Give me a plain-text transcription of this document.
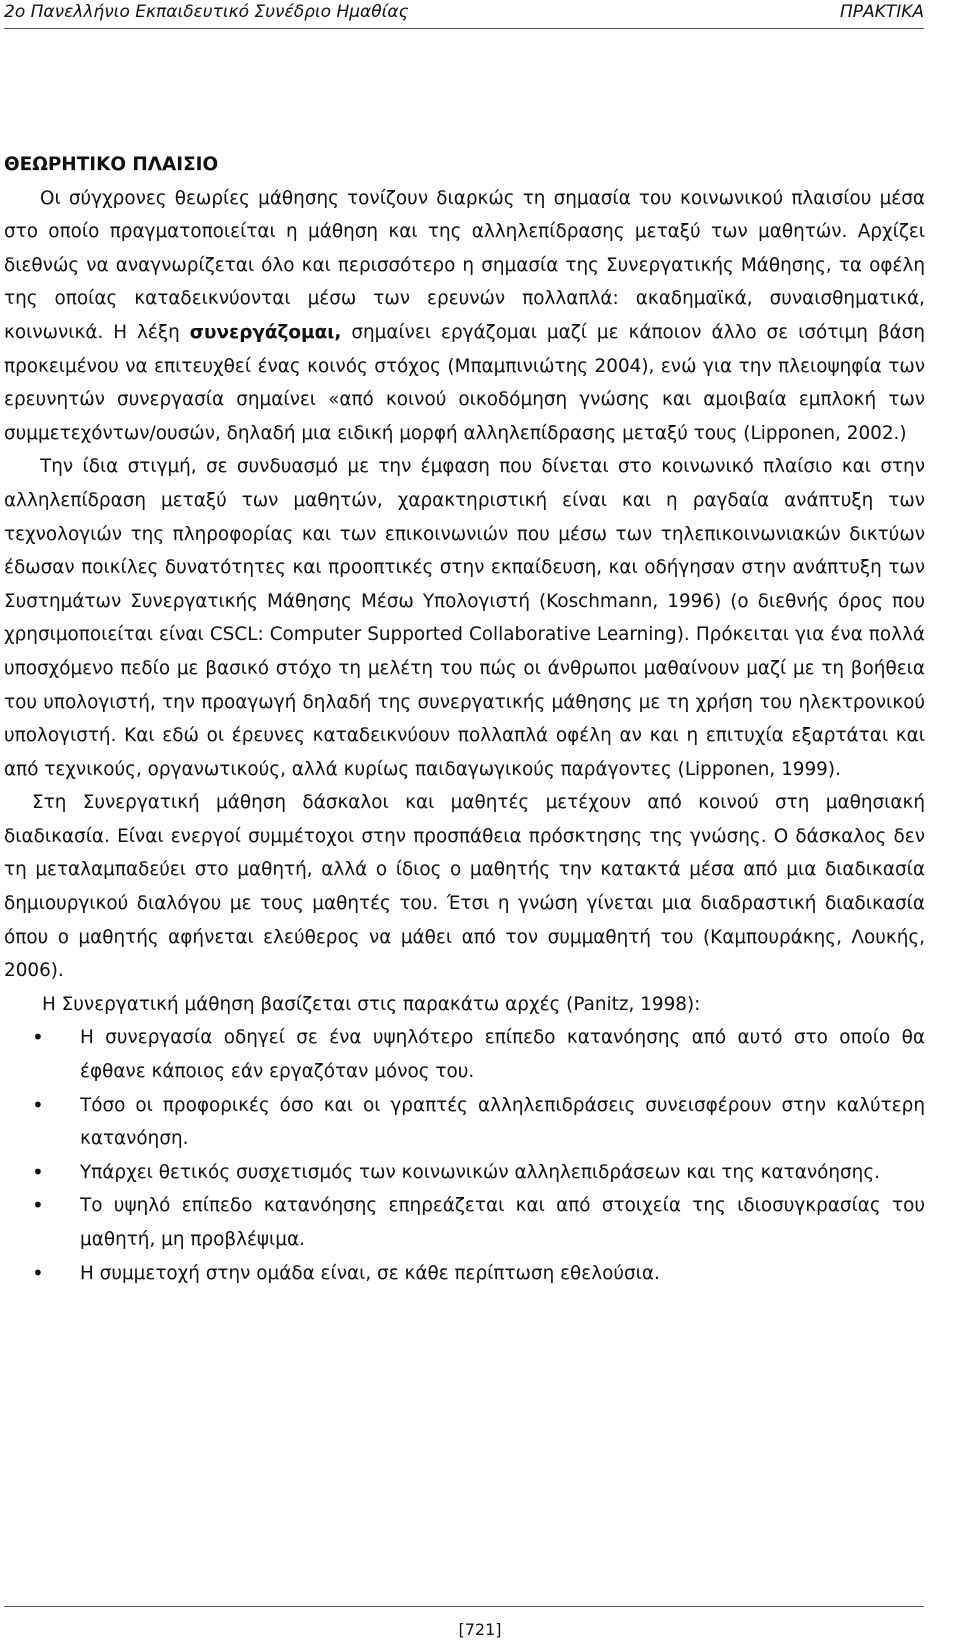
2ο Πανελλήνιο Εκπαιδευτικό Συνέδριο Ημαθίας	ΠΡΑΚΤΙΚΑ
ΘΕΩΡΗΤΙΚΟ ΠΛΑΙΣΙΟ

Οι σύγχρονες θεωρίες μάθησης τονίζουν διαρκώς τη σημασία του κοινωνικού πλαισίου μέσα στο οποίο πραγματοποιείται η μάθηση και της αλληλεπίδρασης μεταξύ των μαθητών. Αρχίζει διεθνώς να αναγνωρίζεται όλο και περισσότερο η σημασία της Συνεργατικής Μάθησης, τα οφέλη της οποίας καταδεικνύονται μέσω των ερευνών πολλαπλά: ακαδημαϊκά, συναισθηματικά, κοινωνικά. Η λέξη συνεργάζομαι, σημαίνει εργάζομαι μαζί με κάποιον άλλο σε ισότιμη βάση προκειμένου να επιτευχθεί ένας κοινός στόχος (Μπαμπινιώτης 2004), ενώ για την πλειοψηφία των ερευνητών συνεργασία σημαίνει «από κοινού οικοδόμηση γνώσης και αμοιβαία εμπλοκή των συμμετεχόντων/ουσών, δηλαδή μια ειδική μορφή αλληλεπίδρασης μεταξύ τους (Lipponen, 2002.)

Την ίδια στιγμή, σε συνδυασμό με την έμφαση που δίνεται στο κοινωνικό πλαίσιο και στην αλληλεπίδραση μεταξύ των μαθητών, χαρακτηριστική είναι και η ραγδαία ανάπτυξη των τεχνολογιών της πληροφορίας και των επικοινωνιών που μέσω των τηλεπικοινωνιακών δικτύων έδωσαν ποικίλες δυνατότητες και προοπτικές στην εκπαίδευση, και οδήγησαν στην ανάπτυξη των Συστημάτων Συνεργατικής Μάθησης Μέσω Υπολογιστή (Koschmann, 1996) (ο διεθνής όρος που χρησιμοποιείται είναι CSCL: Computer Supported Collaborative Learning). Πρόκειται για ένα πολλά υποσχόμενο πεδίο με βασικό στόχο τη μελέτη του πώς οι άνθρωποι μαθαίνουν μαζί με τη βοήθεια του υπολογιστή, την προαγωγή δηλαδή της συνεργατικής μάθησης με τη χρήση του ηλεκτρονικού υπολογιστή. Και εδώ οι έρευνες καταδεικνύουν πολλαπλά οφέλη αν και η επιτυχία εξαρτάται και από τεχνικούς, οργανωτικούς, αλλά κυρίως παιδαγωγικούς παράγοντες (Lipponen, 1999).

Στη Συνεργατική μάθηση δάσκαλοι και μαθητές μετέχουν από κοινού στη μαθησιακή διαδικασία. Είναι ενεργοί συμμέτοχοι στην προσπάθεια πρόσκτησης της γνώσης. Ο δάσκαλος δεν τη μεταλαμπαδεύει στο μαθητή, αλλά ο ίδιος ο μαθητής την κατακτά μέσα από μια διαδικασία δημιουργικού διαλόγου με τους μαθητές του. Έτσι η γνώση γίνεται μια διαδραστική διαδικασία όπου ο μαθητής αφήνεται ελεύθερος να μάθει από τον συμμαθητή του (Καμπουράκης, Λουκής, 2006).

Η Συνεργατική μάθηση βασίζεται στις παρακάτω αρχές (Panitz, 1998):

• Η συνεργασία οδηγεί σε ένα υψηλότερο επίπεδο κατανόησης από αυτό στο οποίο θα έφθανε κάποιος εάν εργαζόταν μόνος του.
• Τόσο οι προφορικές όσο και οι γραπτές αλληλεπιδράσεις συνεισφέρουν στην καλύτερη κατανόηση.
• Υπάρχει θετικός συσχετισμός των κοινωνικών αλληλεπιδράσεων και της κατανόησης.
• Το υψηλό επίπεδο κατανόησης επηρεάζεται και από στοιχεία της ιδιοσυγκρασίας του μαθητή, μη προβλέψιμα.
• Η συμμετοχή στην ομάδα είναι, σε κάθε περίπτωση εθελούσια.
[721]
